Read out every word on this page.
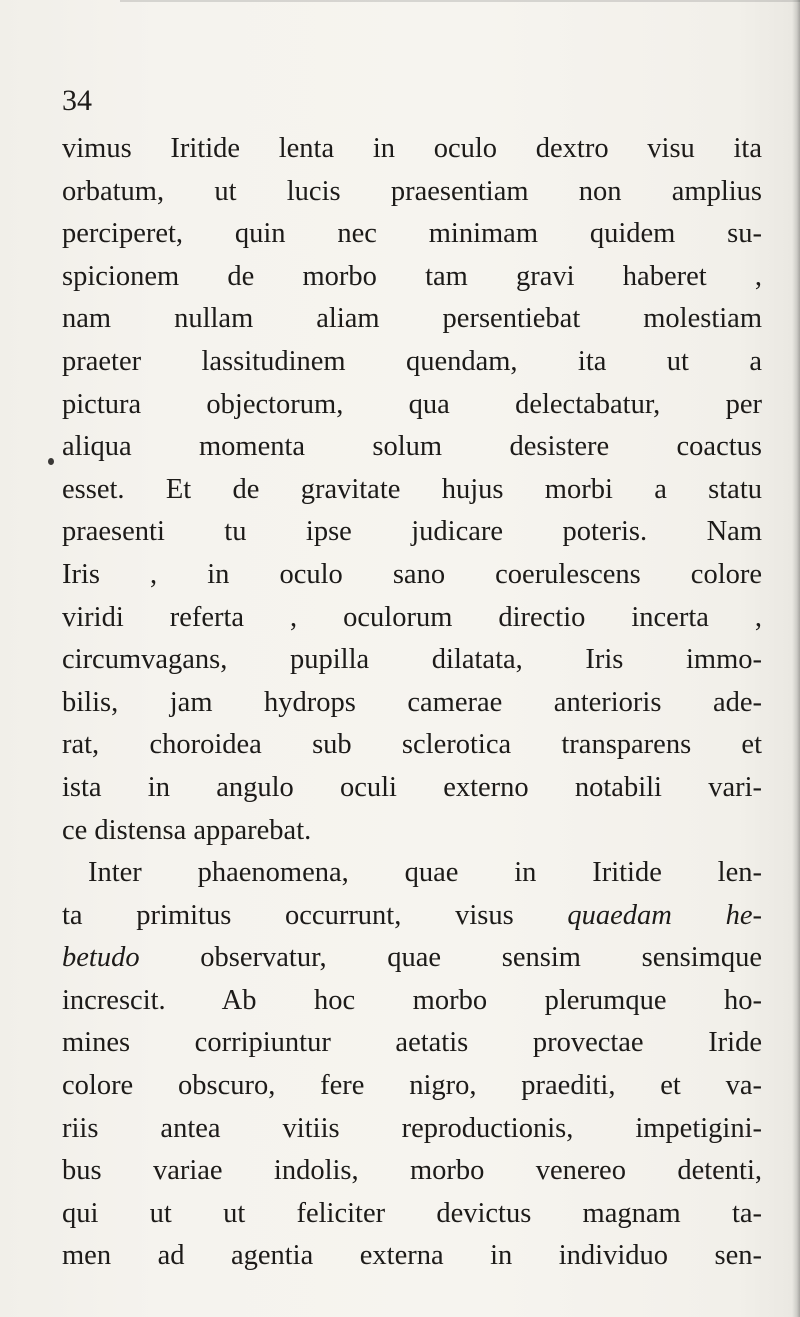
34
vimus Iritide lenta in oculo dextro visu ita
orbatum, ut lucis praesentiam non amplius
perciperet, quin nec minimam quidem su-
spicionem de morbo tam gravi haberet ,
nam nullam aliam persentiebat molestiam
praeter lassitudinem quendam, ita ut a
pictura objectorum, qua delectabatur, per
aliqua momenta solum desistere coactus
esset. Et de gravitate hujus morbi a statu
praesenti tu ipse judicare poteris. Nam
Iris , in oculo sano coerulescens colore
viridi referta , oculorum directio incerta ,
circumvagans, pupilla dilatata, Iris immo-
bilis, jam hydrops camerae anterioris ade-
rat, choroidea sub sclerotica transparens et
ista in angulo oculi externo notabili vari-
ce distensa apparebat.
Inter phaenomena, quae in Iritide len-
ta primitus occurrunt, visus quaedam he-
betudo observatur, quae sensim sensimque
increscit. Ab hoc morbo plerumque ho-
mines corripiuntur aetatis provectae Iride
colore obscuro, fere nigro, praediti, et va-
riis antea vitiis reproductionis, impetigini-
bus variae indolis, morbo venereo detenti,
qui ut ut feliciter devictus magnam ta-
men ad agentia externa in individuo sen-
